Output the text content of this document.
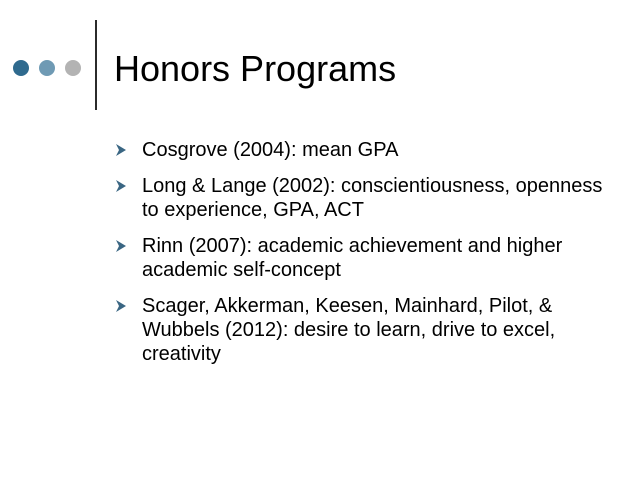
Honors Programs
Cosgrove (2004): mean GPA
Long & Lange (2002): conscientiousness, openness to experience, GPA, ACT
Rinn (2007): academic achievement and higher academic self-concept
Scager, Akkerman, Keesen, Mainhard, Pilot, & Wubbels (2012): desire to learn, drive to excel, creativity
